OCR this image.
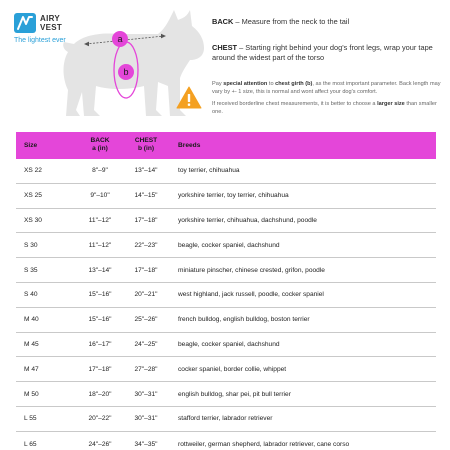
AIRY VEST
The lightest ever	a
b
BACK – Measure from the neck to the tail
CHEST – Starting right behind your dog's front legs, wrap your tape around the widest part of the torso
Pay special attention to chest girth (b), as the most important parameter. Back length may vary by +- 1 size, this is normal and wont affect your dog's comfort.
If received borderline chest measurements, it is better to choose a larger size than smaller one.
Size
BACK
a (in)
CHEST
b (in)	Breeds
XS 22	8"–9"	13"–14"	toy terrier, chihuahua
XS 25	9"–10"	14"–15"	yorkshire terrier, toy terrier, chihuahua
XS 30	11"–12"	17"–18"	yorkshire terrier, chihuahua, dachshund, poodle
S 30	11"–12"	22"–23"	beagle, cocker spaniel, dachshund
S 35	13"–14"	17"–18"	miniature pinscher, chinese crested, grifon, poodle
S 40	15"–16"	20"–21"	west highland, jack russell, poodle, cocker spaniel
M 40	15"–16"	25"–26"	french bulldog, english bulldog, boston terrier
M 45	16"–17"	24"–25"	beagle, cocker spaniel, dachshund
M 47	17"–18"	27"–28"	cocker spaniel, border collie, whippet
M 50	18"–20"	30"–31"	english bulldog, shar pei, pit bull terrier
L 55	20"–22"	30"–31"	stafford terrier, labrador retriever
L 65	24"–26"	34"–35"	rottweiler, german shepherd, labrador retriever, cane corso
